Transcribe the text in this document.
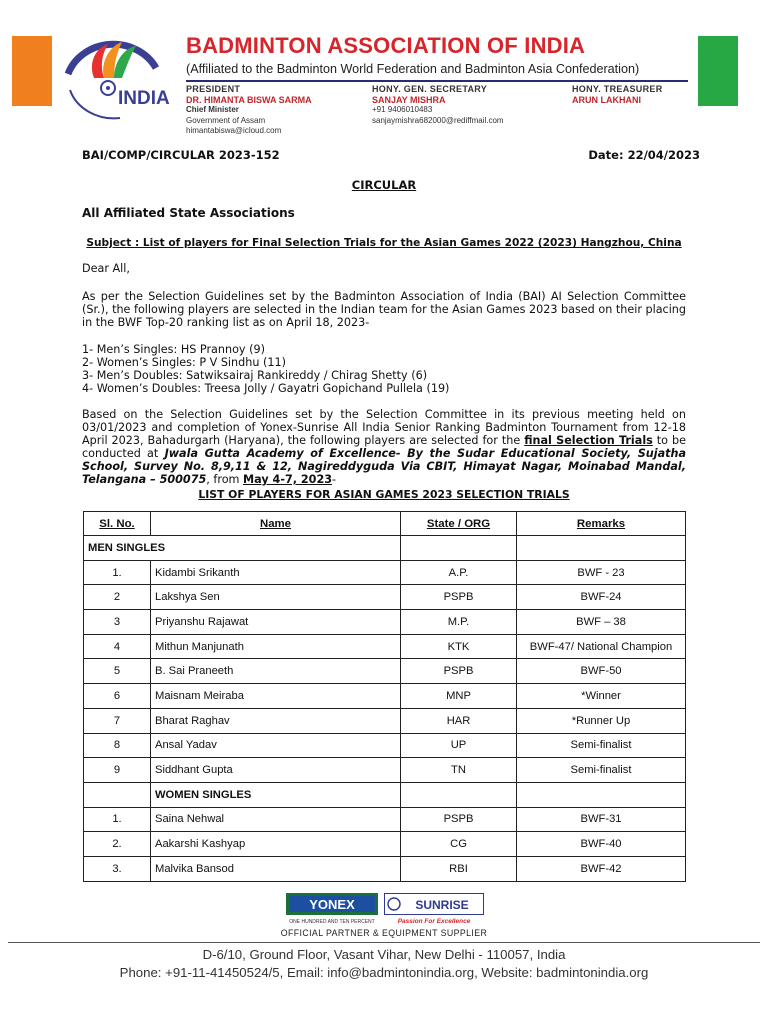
INDIA
BADMINTON ASSOCIATION OF INDIA
(Affiliated to the Badminton World Federation and Badminton Asia Confederation)
PRESIDENT
DR. HIMANTA BISWA SARMA
Chief Minister
Government of Assam
himantabiswa@icloud.com
HONY. GEN. SECRETARY
SANJAY MISHRA
+91 9406010483
sanjaymishra682000@rediffmail.com
HONY. TREASURER
ARUN LAKHANI
BAI/COMP/CIRCULAR 2023-152	Date: 22/04/2023
CIRCULAR
All Affiliated State Associations
Subject : List of players for Final Selection Trials for the Asian Games 2022 (2023) Hangzhou, China
Dear All,
As per the Selection Guidelines set by the Badminton Association of India (BAI) AI Selection Committee (Sr.), the following players are selected in the Indian team for the Asian Games 2023 based on their placing in the BWF Top-20 ranking list as on April 18, 2023-
1- Men’s Singles: HS Prannoy (9)
2- Women’s Singles: P V Sindhu (11)
3- Men’s Doubles: Satwiksairaj Rankireddy / Chirag Shetty (6)
4- Women’s Doubles: Treesa Jolly / Gayatri Gopichand Pullela (19)
Based on the Selection Guidelines set by the Selection Committee in its previous meeting held on 03/01/2023 and completion of Yonex-Sunrise All India Senior Ranking Badminton Tournament from 12-18 April 2023, Bahadurgarh (Haryana), the following players are selected for the final Selection Trials to be conducted at Jwala Gutta Academy of Excellence- By the Sudar Educational Society, Sujatha School, Survey No. 8,9,11 & 12, Nagireddyguda Via CBIT, Himayat Nagar, Moinabad Mandal, Telangana – 500075, from May 4-7, 2023-
LIST OF PLAYERS FOR ASIAN GAMES 2023 SELECTION TRIALS
Sl. No.	Name	State / ORG	Remarks
MEN SINGLES			
1.	Kidambi Srikanth	A.P.	BWF - 23
2	Lakshya Sen	PSPB	BWF-24
3	Priyanshu Rajawat	M.P.	BWF – 38
4	Mithun Manjunath	KTK	BWF-47/ National Champion
5	B. Sai Praneeth	PSPB	BWF-50
6	Maisnam Meiraba	MNP	*Winner
7	Bharat Raghav	HAR	*Runner Up
8	Ansal Yadav	UP	Semi-finalist
9	Siddhant Gupta	TN	Semi-finalist
	WOMEN SINGLES		
1.	Saina Nehwal	PSPB	BWF-31
2.	Aakarshi Kashyap	CG	BWF-40
3.	Malvika Bansod	RBI	BWF-42
YONEX
ONE HUNDRED AND TEN PERCENT
SUNRISE
Passion For Excellence
OFFICIAL PARTNER & EQUIPMENT SUPPLIER
D-6/10, Ground Floor, Vasant Vihar, New Delhi - 110057, India
Phone: +91-11-41450524/5, Email: info@badmintonindia.org, Website: badmintonindia.org
